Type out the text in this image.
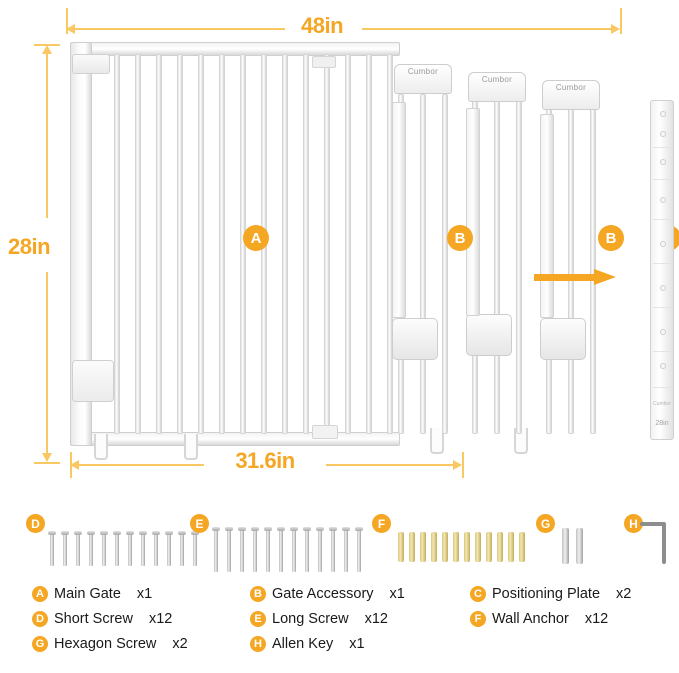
48in
28in
31.6in
Cumbor
Cumbor
Cumbor
A	B	B
Cumbor
28in
D	E	F	G	H
A Main Gate x1	B Gate Accessory x1	C Positioning Plate x2
D Short Screw x12	E Long Screw x12	F Wall Anchor x12
G Hexagon Screw x2	H Allen Key x1
